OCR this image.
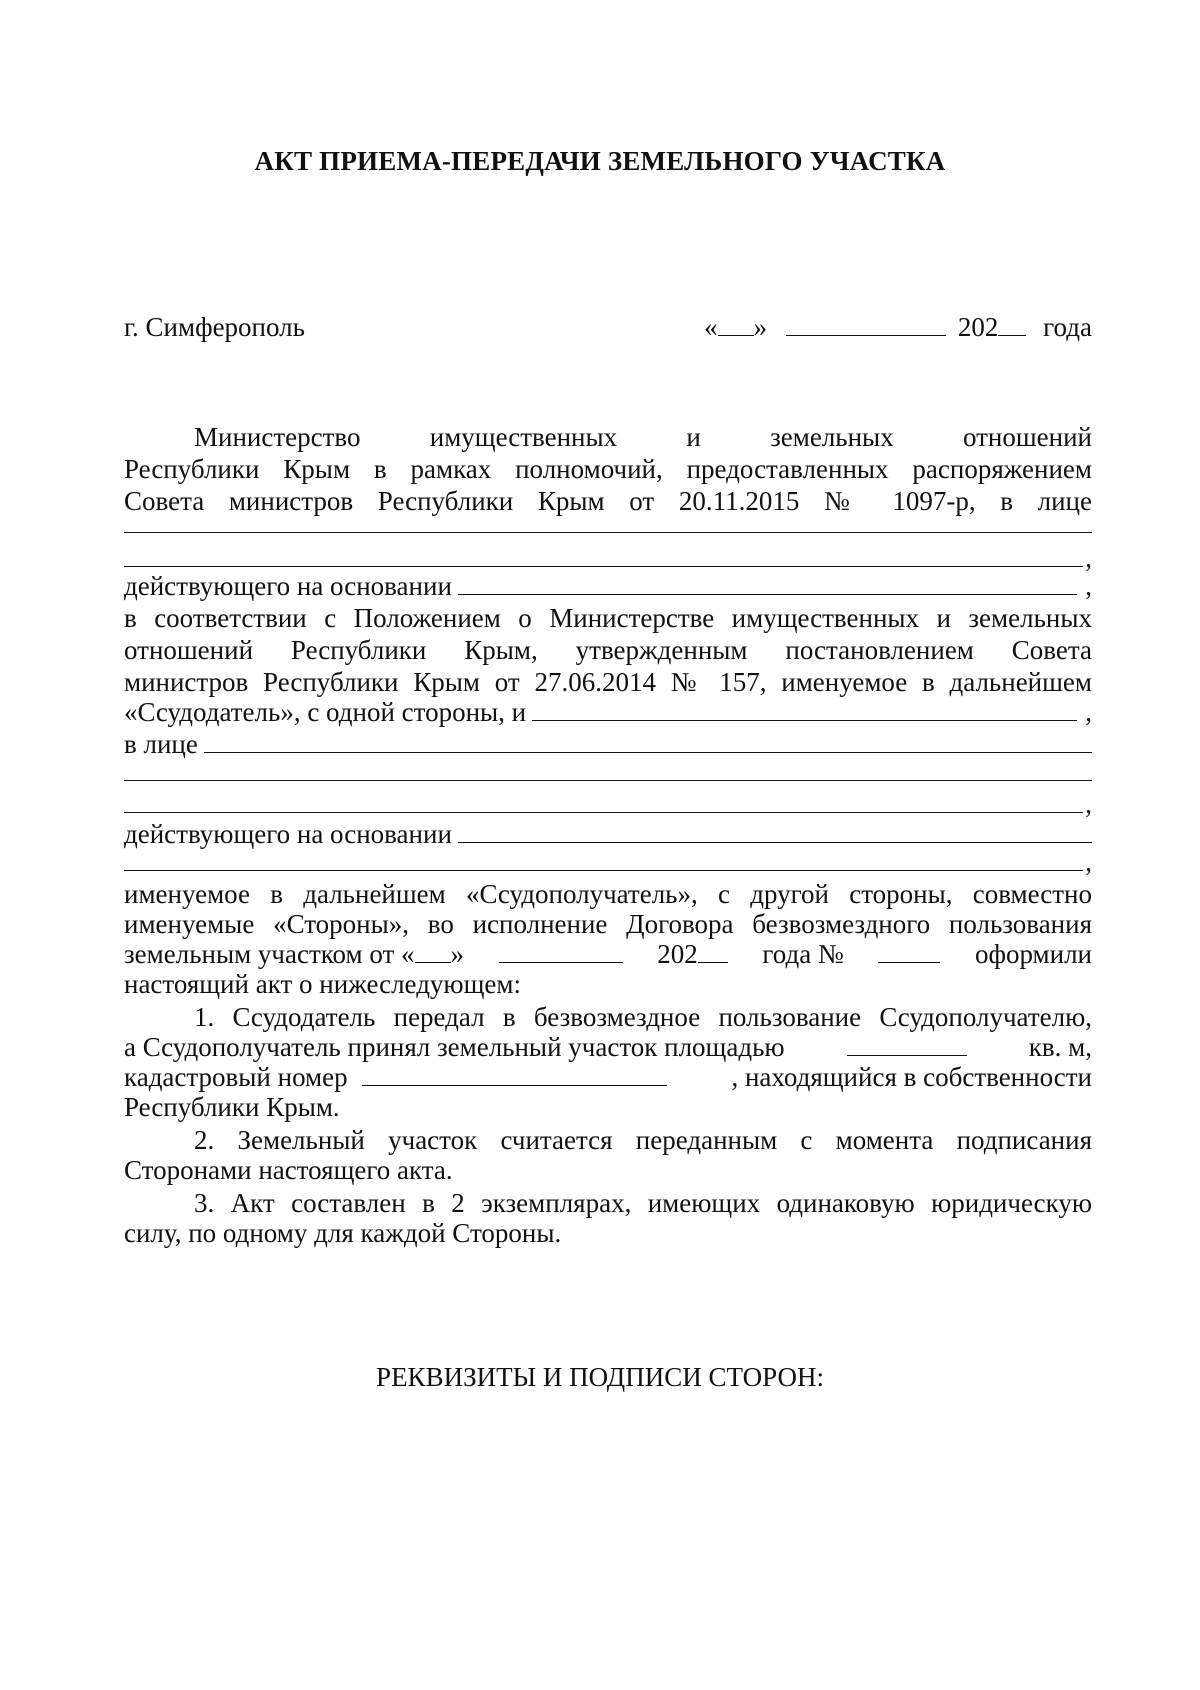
АКТ ПРИЕМА-ПЕРЕДАЧИ ЗЕМЕЛЬНОГО УЧАСТКА
г. Симферополь	« »	202 года
Министерство имущественных и земельных отношений
Республики Крым в рамках полномочий, предоставленных распоряжением
Совета министров Республики Крым от 20.11.2015 № 1097-р, в лице
,
действующего на основании	,
в соответствии с Положением о Министерстве имущественных и земельных
отношений Республики Крым, утвержденным постановлением Совета
министров Республики Крым от 27.06.2014 № 157, именуемое в дальнейшем
«Ссудодатель», с одной стороны, и	,
в лице
,
действующего на основании
,
именуемое в дальнейшем «Ссудополучатель», с другой стороны, совместно
именуемые «Стороны», во исполнение Договора безвозмездного пользования
земельным участком от « »	202	года №	оформили
настоящий акт о нижеследующем:
1. Ссудодатель передал в безвозмездное пользование Ссудополучателю,
а Ссудополучатель принял земельный участок площадью	кв. м,
кадастровый номер	, находящийся в собственности
Республики Крым.
2. Земельный участок считается переданным с момента подписания
Сторонами настоящего акта.
3. Акт составлен в 2 экземплярах, имеющих одинаковую юридическую
силу, по одному для каждой Стороны.
РЕКВИЗИТЫ И ПОДПИСИ СТОРОН:
